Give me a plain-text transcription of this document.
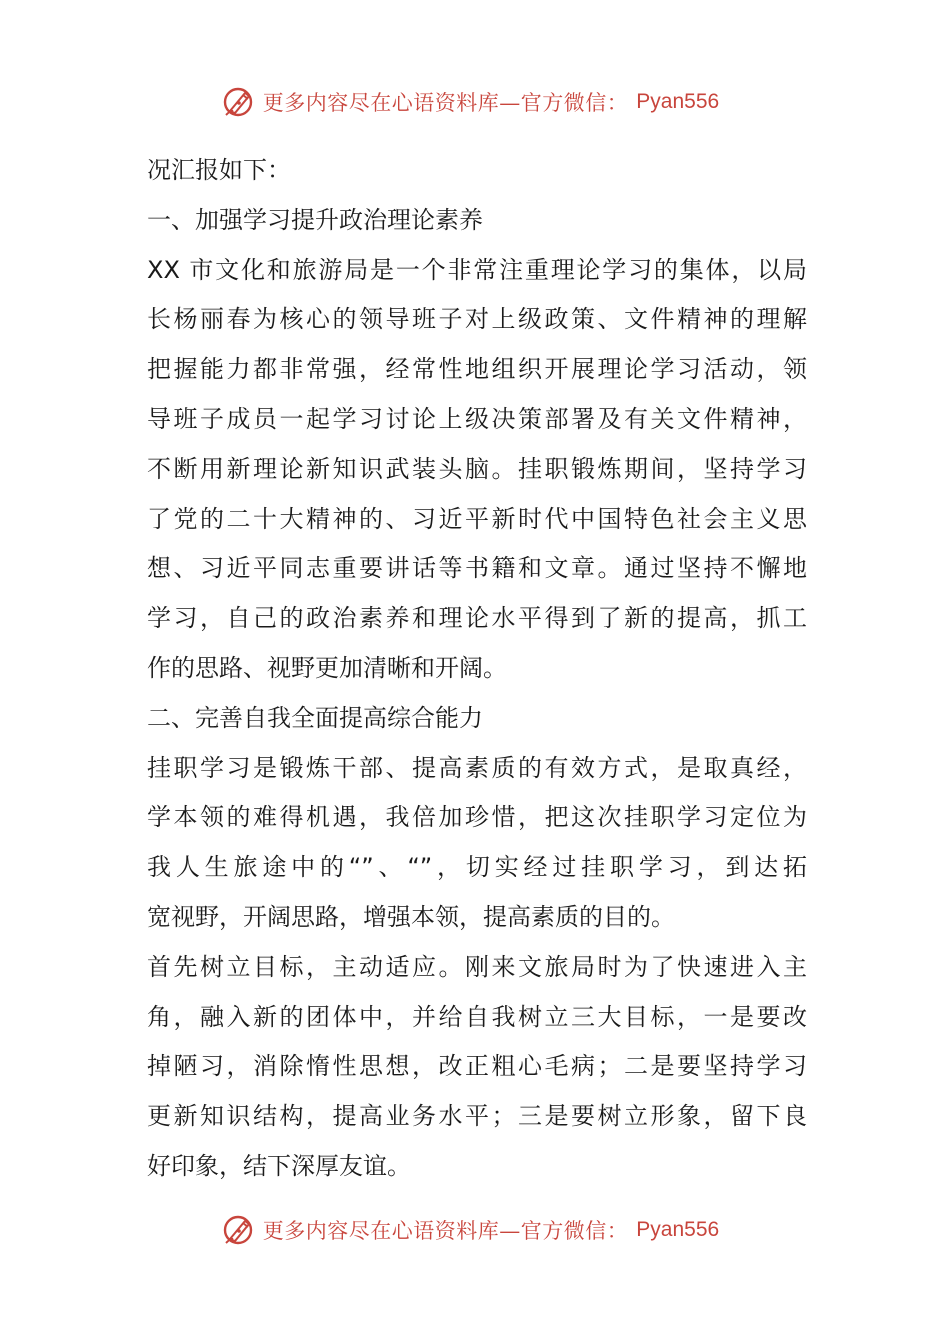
更多内容尽在心语资料库—官方微信： Pyan556
况汇报如下：
一、加强学习提升政治理论素养
XX 市文化和旅游局是一个非常注重理论学习的集体，以局
长杨丽春为核心的领导班子对上级政策、文件精神的理解
把握能力都非常强，经常性地组织开展理论学习活动，领
导班子成员一起学习讨论上级决策部署及有关文件精神，
不断用新理论新知识武装头脑。挂职锻炼期间，坚持学习
了党的二十大精神的、习近平新时代中国特色社会主义思
想、习近平同志重要讲话等书籍和文章。通过坚持不懈地
学习，自己的政治素养和理论水平得到了新的提高，抓工
作的思路、视野更加清晰和开阔。
二、完善自我全面提高综合能力
挂职学习是锻炼干部、提高素质的有效方式，是取真经，
学本领的难得机遇，我倍加珍惜，把这次挂职学习定位为
我人生旅途中的“”、“”，切实经过挂职学习，到达拓
宽视野，开阔思路，增强本领，提高素质的目的。
首先树立目标，主动适应。刚来文旅局时为了快速进入主
角，融入新的团体中，并给自我树立三大目标，一是要改
掉陋习，消除惰性思想，改正粗心毛病；二是要坚持学习
更新知识结构，提高业务水平；三是要树立形象，留下良
好印象，结下深厚友谊。
更多内容尽在心语资料库—官方微信： Pyan556
